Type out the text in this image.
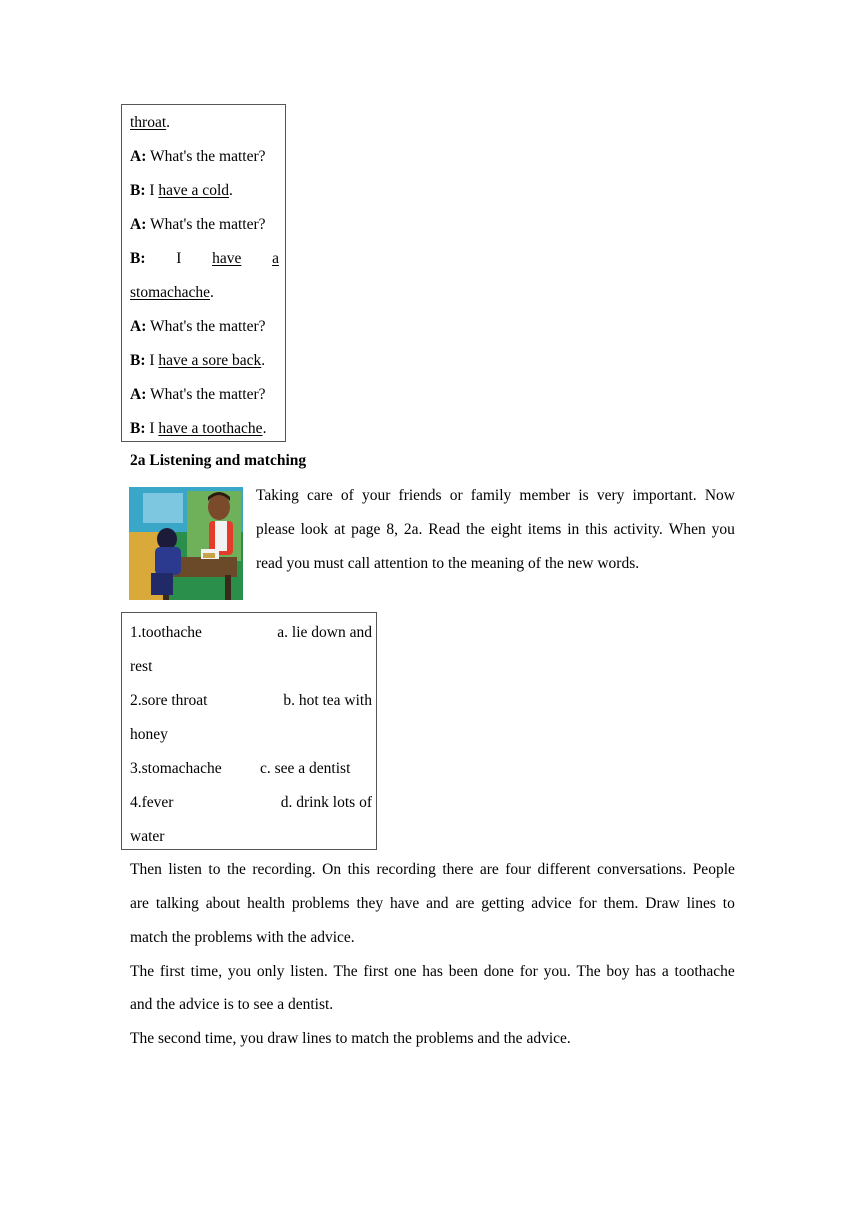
throat.
A: What's the matter?
B: I have a cold.
A: What's the matter?
B: I have a
stomachache.
A: What's the matter?
B: I have a sore back.
A: What's the matter?
B: I have a toothache.
2a Listening and matching
Taking care of your friends or family member is very important. Now
please look at page 8, 2a. Read the eight items in this activity. When you
read you must call attention to the meaning of the new words.
1.toothache	a. lie down and
rest
2.sore throat	b. hot tea with
honey
3.stomachache c. see a dentist
4.fever	d. drink lots of
water
Then listen to the recording. On this recording there are four different conversations. People
are talking about health problems they have and are getting advice for them. Draw lines to
match the problems with the advice.
The first time, you only listen. The first one has been done for you. The boy has a toothache
and the advice is to see a dentist.
The second time, you draw lines to match the problems and the advice.
